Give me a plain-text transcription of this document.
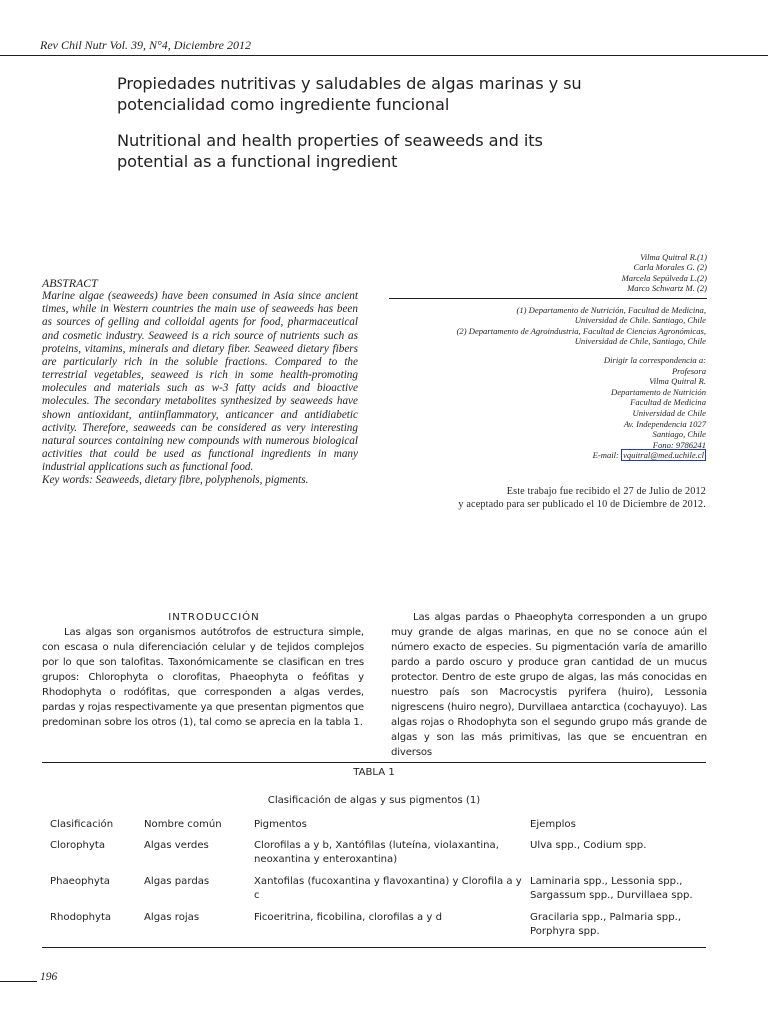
Rev Chil Nutr Vol. 39, N°4, Diciembre 2012
Propiedades nutritivas y saludables de algas marinas y su potencialidad como ingrediente funcional
Nutritional and health properties of seaweeds and its potential as a functional ingredient

ABSTRACT

Marine algae (seaweeds) have been consumed in Asia since ancient times, while in Western countries the main use of seaweeds has been as sources of gelling and colloidal agents for food, pharmaceutical and cosmetic industry. Seaweed is a rich source of nutrients such as proteins, vitamins, minerals and dietary fiber. Seaweed dietary fibers are particularly rich in the soluble fractions. Compared to the terrestrial vegetables, seaweed is rich in some health-promoting molecules and materials such as w-3 fatty acids and bioactive molecules. The secondary metabolites synthesized by seaweeds have shown antioxidant, antiinflammatory, anticancer and antidiabetic activity. Therefore, seaweeds can be considered as very interesting natural sources containing new compounds with numerous biological activities that could be used as functional ingredients in many industrial applications such as functional food.

Key words: Seaweeds, dietary fibre, polyphenols, pigments.

Vilma Quitral R.(1)
Carla Morales G. (2)
Marcela Sepúlveda L.(2)
Marco Schwartz M. (2)
(1) Departamento de Nutrición, Facultad de Medicina,
Universidad de Chile. Santiago, Chile
(2) Departamento de Agroindustria, Facultad de Ciencias Agronómicas,
Universidad de Chile, Santiago, Chile
Dirigir la correspondencia a:
Profesora
Vilma Quitral R.
Departamento de Nutrición
Facultad de Medicina
Universidad de Chile
Av. Independencia 1027
Santiago, Chile
Fono: 9786241
E-mail: vquitral@med.uchile.cl
Este trabajo fue recibido el 27 de Julio de 2012
y aceptado para ser publicado el 10 de Diciembre de 2012.

INTRODUCCIÓN

Las algas son organismos autótrofos de estructura simple, con escasa o nula diferenciación celular y de tejidos complejos por lo que son talofitas. Taxonómicamente se clasifican en tres grupos: Chlorophyta o clorofitas, Phaeophyta o feófitas y Rhodophyta o rodófitas, que corresponden a algas verdes, pardas y rojas respectivamente ya que presentan pigmentos que predominan sobre los otros (1), tal como se aprecia en la tabla 1.

Las algas pardas o Phaeophyta corresponden a un grupo muy grande de algas marinas, en que no se conoce aún el número exacto de especies. Su pigmentación varía de amarillo pardo a pardo oscuro y produce gran cantidad de un mucus protector. Dentro de este grupo de algas, las más conocidas en nuestro país son Macrocystis pyrifera (huiro), Lessonia nigrescens (huiro negro), Durvillaea antarctica (cochayuyo). Las algas rojas o Rhodophyta son el segundo grupo más grande de algas y son las más primitivas, las que se encuentran en diversos

TABLA 1
Clasificación de algas y sus pigmentos (1)
	Clasificación	Nombre común	Pigmentos	Ejemplos
	Clorophyta	Algas verdes	Clorofilas a y b, Xantófilas (luteína, violaxantina, neoxantina y enteroxantina)	Ulva spp., Codium spp.
	Phaeophyta	Algas pardas	Xantofilas (fucoxantina y flavoxantina) y Clorofila a y c	Laminaria spp., Lessonia spp., Sargassum spp., Durvillaea spp.
	Rhodophyta	Algas rojas	Ficoeritrina, ficobilina, clorofilas a y d	Gracilaria spp., Palmaria spp., Porphyra spp.
196
